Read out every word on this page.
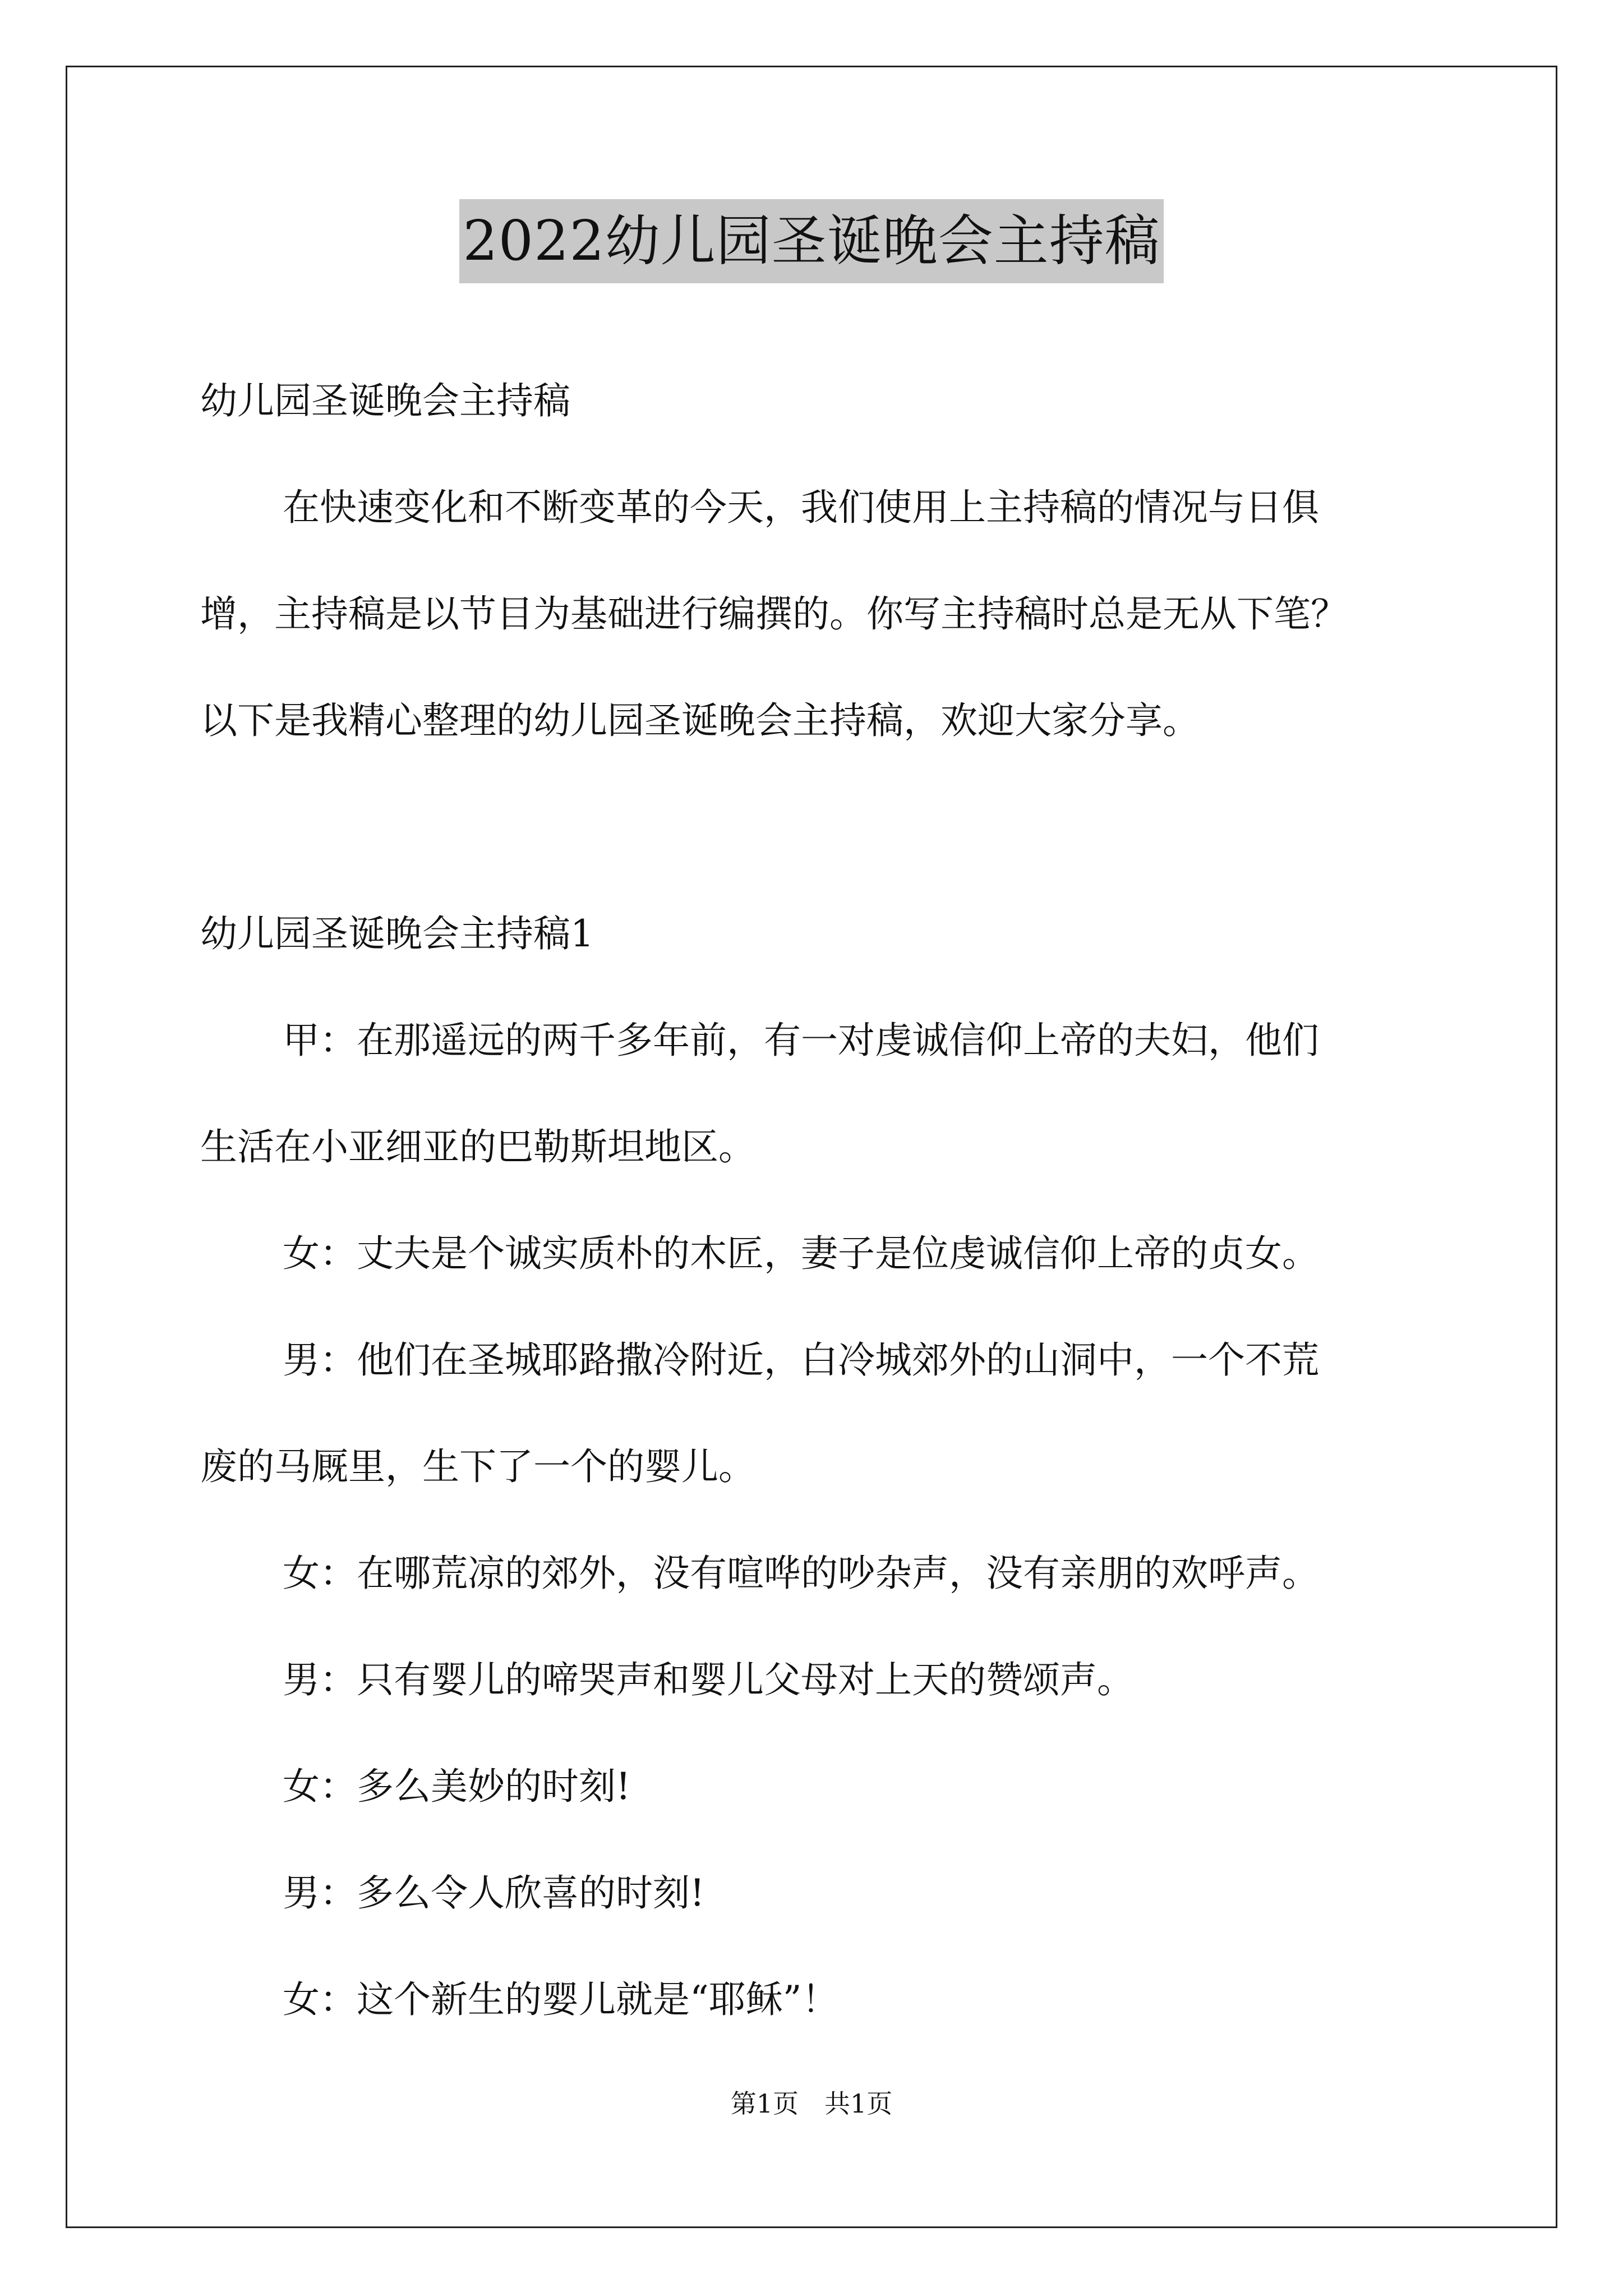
2022幼儿园圣诞晚会主持稿

幼儿园圣诞晚会主持稿

在快速变化和不断变革的今天，我们使用上主持稿的情况与日俱

增，主持稿是以节目为基础进行编撰的。你写主持稿时总是无从下笔？

以下是我精心整理的幼儿园圣诞晚会主持稿，欢迎大家分享。

幼儿园圣诞晚会主持稿1

甲：在那遥远的两千多年前，有一对虔诚信仰上帝的夫妇，他们

生活在小亚细亚的巴勒斯坦地区。

女：丈夫是个诚实质朴的木匠，妻子是位虔诚信仰上帝的贞女。

男：他们在圣城耶路撒冷附近，白冷城郊外的山洞中，一个不荒

废的马厩里，生下了一个的婴儿。

女：在哪荒凉的郊外，没有喧哗的吵杂声，没有亲朋的欢呼声。

男：只有婴儿的啼哭声和婴儿父母对上天的赞颂声。

女：多么美妙的时刻!

男：多么令人欣喜的时刻!

女：这个新生的婴儿就是“耶稣”！

第1页　共1页
